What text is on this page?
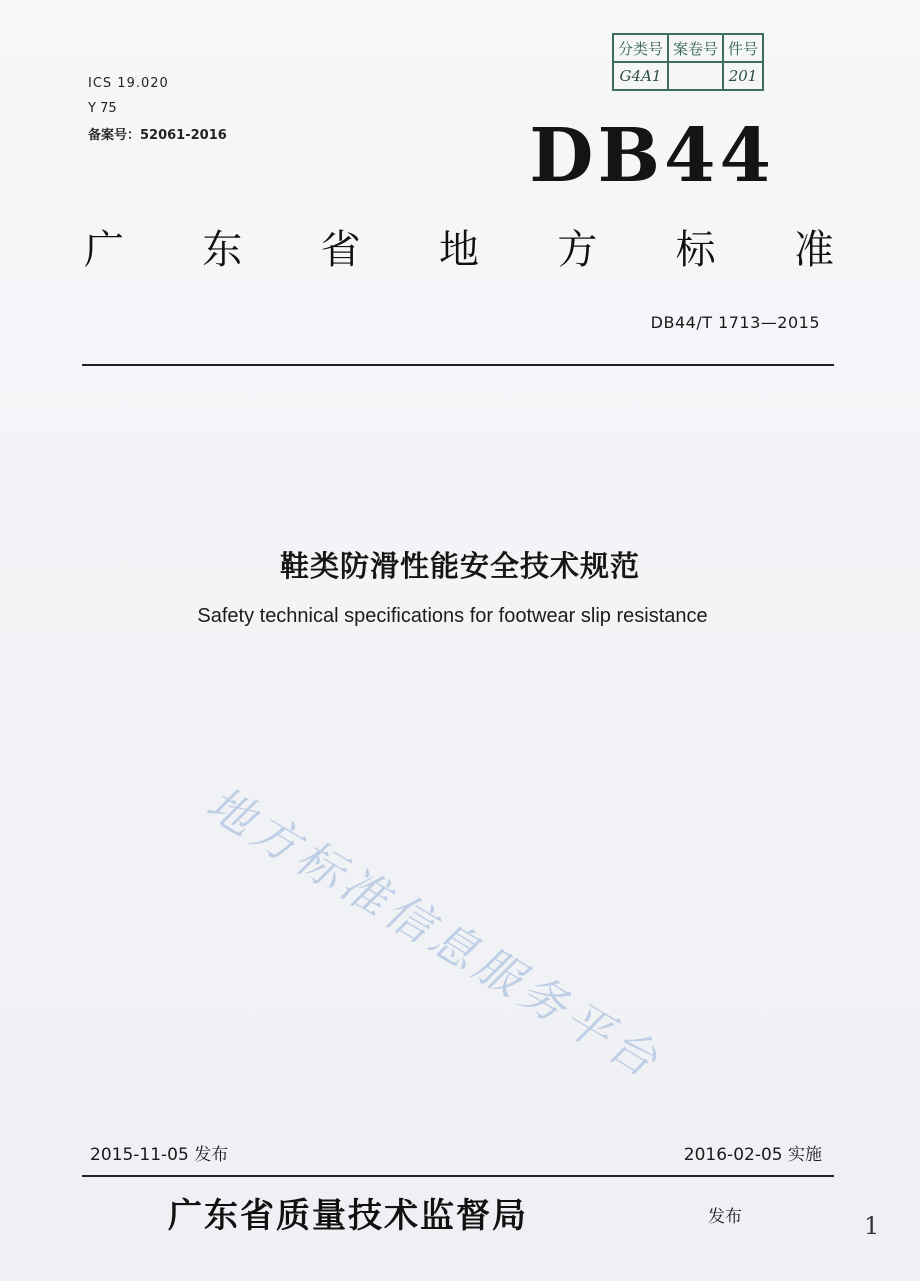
分类号	案卷号	件号
G4A1		201
ICS 19.020
Y 75
备案号：52061-2016	DB44
广 东 省 地 方 标 准
DB44/T 1713—2015
鞋类防滑性能安全技术规范
Safety technical specifications for footwear slip resistance
地方标准信息服务平台
2015-11-05 发布	2016-02-05 实施
广东省质量技术监督局	发布	1
